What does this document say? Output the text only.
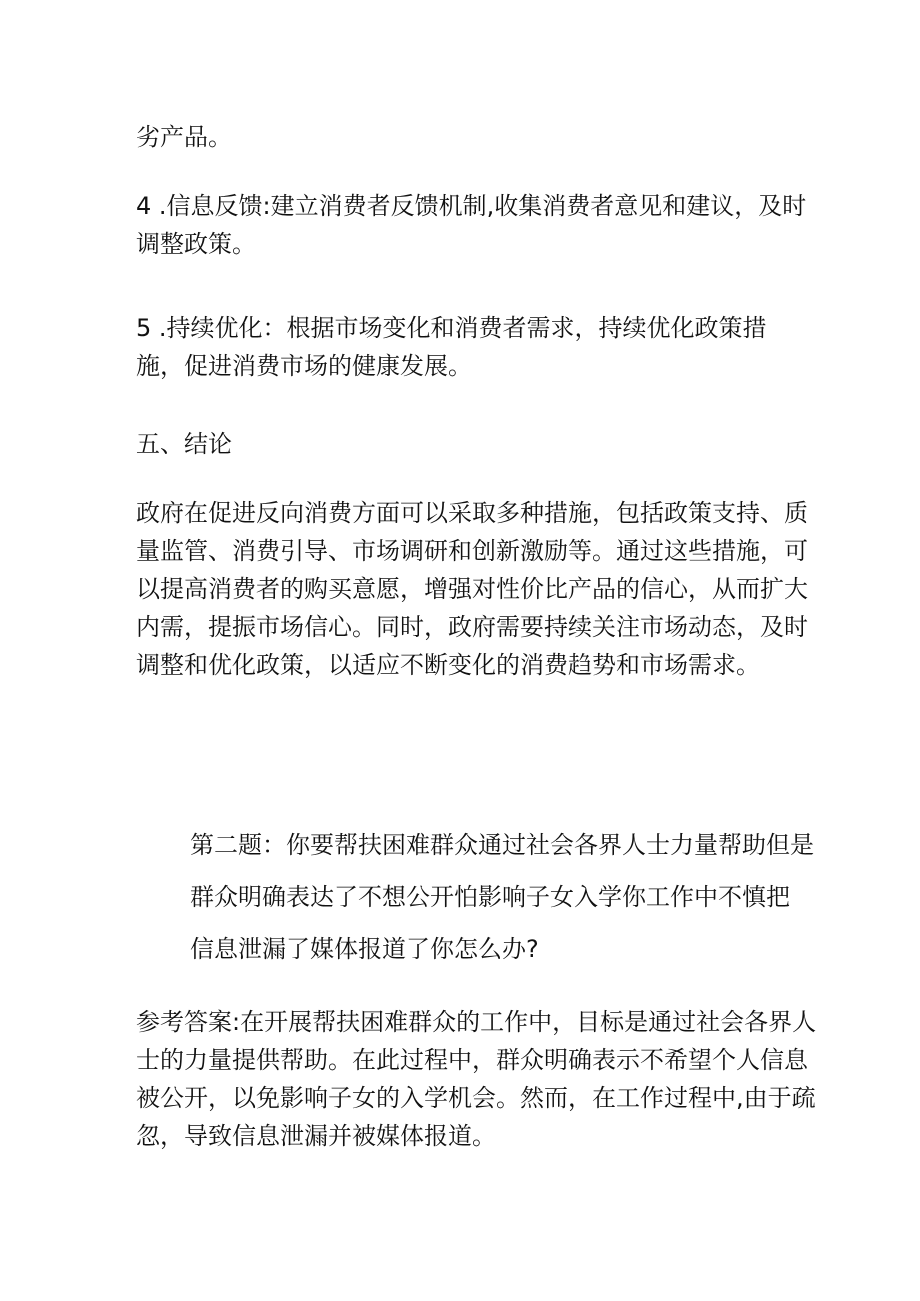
劣产品。
4 .信息反馈:建立消费者反馈机制,收集消费者意见和建议，及时
调整政策。
5 .持续优化：根据市场变化和消费者需求，持续优化政策措
施，促进消费市场的健康发展。
五、结论
政府在促进反向消费方面可以采取多种措施，包括政策支持、质
量监管、消费引导、市场调研和创新激励等。通过这些措施，可
以提高消费者的购买意愿，增强对性价比产品的信心，从而扩大
内需，提振市场信心。同时，政府需要持续关注市场动态，及时
调整和优化政策，以适应不断变化的消费趋势和市场需求。
第二题：你要帮扶困难群众通过社会各界人士力量帮助但是
群众明确表达了不想公开怕影响子女入学你工作中不慎把
信息泄漏了媒体报道了你怎么办?
参考答案:在开展帮扶困难群众的工作中，目标是通过社会各界人
士的力量提供帮助。在此过程中，群众明确表示不希望个人信息
被公开，以免影响子女的入学机会。然而，在工作过程中,由于疏
忽，导致信息泄漏并被媒体报道。
